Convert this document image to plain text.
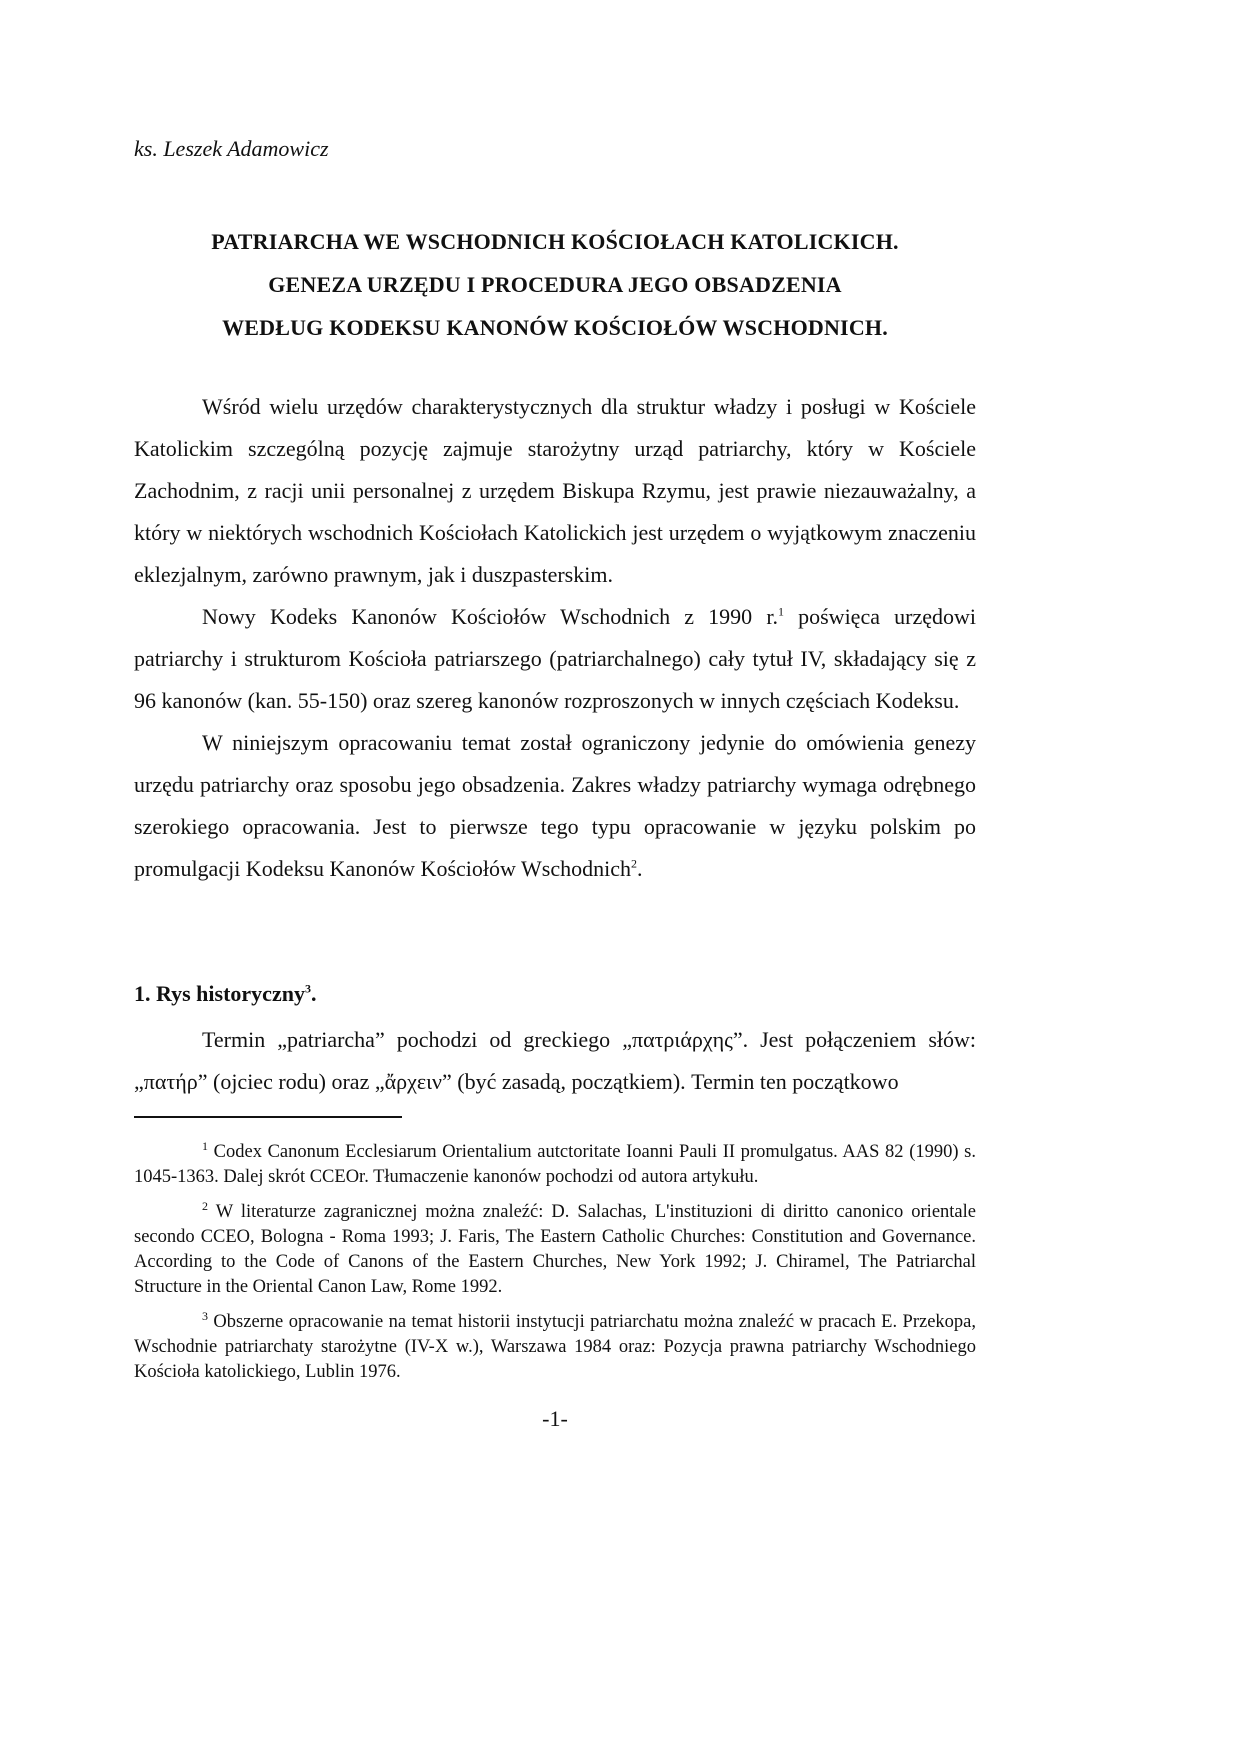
ks. Leszek Adamowicz
PATRIARCHA WE WSCHODNICH KOŚCIOŁACH KATOLICKICH.
GENEZA URZĘDU I PROCEDURA JEGO OBSADZENIA
WEDŁUG KODEKSU KANONÓW KOŚCIOŁÓW WSCHODNICH.

Wśród wielu urzędów charakterystycznych dla struktur władzy i posługi w Kościele Katolickim szczególną pozycję zajmuje starożytny urząd patriarchy, który w Kościele Zachodnim, z racji unii personalnej z urzędem Biskupa Rzymu, jest prawie niezauważalny, a który w niektórych wschodnich Kościołach Katolickich jest urzędem o wyjątkowym znaczeniu eklezjalnym, zarówno prawnym, jak i duszpasterskim.

Nowy Kodeks Kanonów Kościołów Wschodnich z 1990 r.$^1$ poświęca urzędowi patriarchy i strukturom Kościoła patriarszego (patriarchalnego) cały tytuł IV, składający się z 96 kanonów (kan. 55-150) oraz szereg kanonów rozproszonych w innych częściach Kodeksu.

W niniejszym opracowaniu temat został ograniczony jedynie do omówienia genezy urzędu patriarchy oraz sposobu jego obsadzenia. Zakres władzy patriarchy wymaga odrębnego szerokiego opracowania. Jest to pierwsze tego typu opracowanie w języku polskim po promulgacji Kodeksu Kanonów Kościołów Wschodnich$^2$.

1. Rys historyczny$^3$.

Termin „patriarcha” pochodzi od greckiego „πατριάρχης”. Jest połączeniem słów: „πατήρ” (ojciec rodu) oraz „ἄρχειν” (być zasadą, początkiem). Termin ten początkowo

$^1$ Codex Canonum Ecclesiarum Orientalium autctoritate Ioanni Pauli II promulgatus. AAS 82 (1990) s. 1045-1363. Dalej skrót CCEOr. Tłumaczenie kanonów pochodzi od autora artykułu.

$^2$ W literaturze zagranicznej można znaleźć: D. Salachas, L'instituzioni di diritto canonico orientale secondo CCEO, Bologna - Roma 1993; J. Faris, The Eastern Catholic Churches: Constitution and Governance. According to the Code of Canons of the Eastern Churches, New York 1992; J. Chiramel, The Patriarchal Structure in the Oriental Canon Law, Rome 1992.

$^3$ Obszerne opracowanie na temat historii instytucji patriarchatu można znaleźć w pracach E. Przekopa, Wschodnie patriarchaty starożytne (IV-X w.), Warszawa 1984 oraz: Pozycja prawna patriarchy Wschodniego Kościoła katolickiego, Lublin 1976.

-1-
